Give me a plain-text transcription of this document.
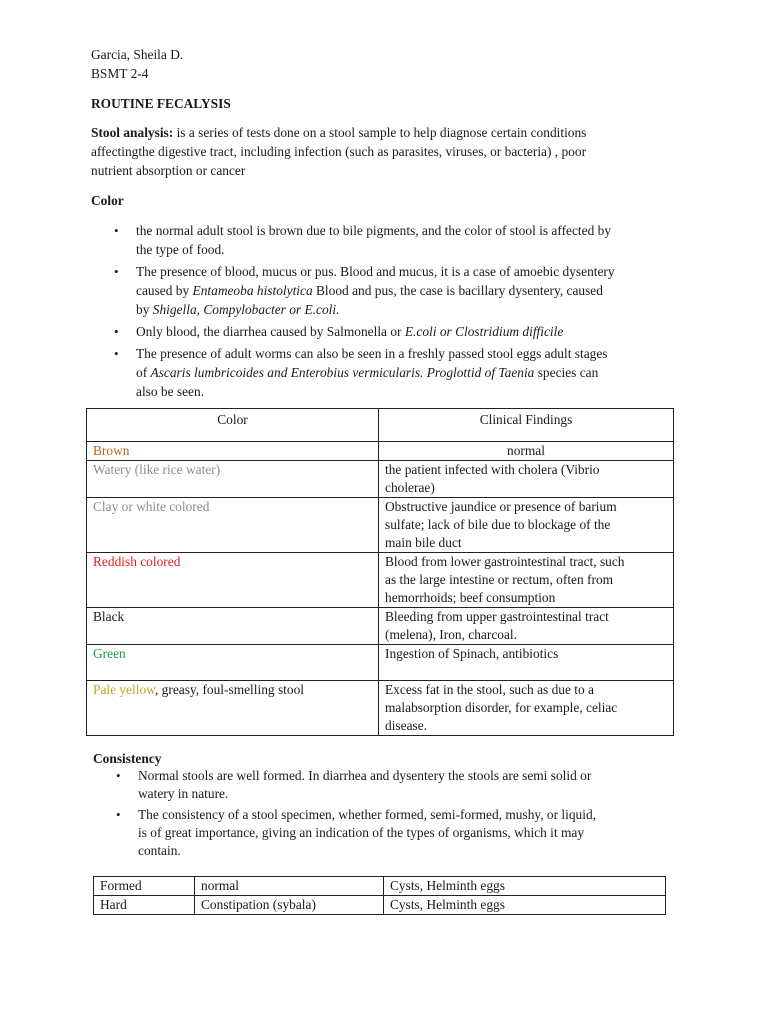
Garcia, Sheila D.

BSMT 2-4

ROUTINE FECALYSIS

Stool analysis: is a series of tests done on a stool sample to help diagnose certain conditions

affectingthe digestive tract, including infection (such as parasites, viruses, or bacteria) , poor

nutrient absorption or cancer

Color

• the normal adult stool is brown due to bile pigments, and the color of stool is affected by

the type of food.

• The presence of blood, mucus or pus. Blood and mucus, it is a case of amoebic dysentery

caused by Entameoba histolytica Blood and pus, the case is bacillary dysentery, caused

by Shigella, Compylobacter or E.coli.

• Only blood, the diarrhea caused by Salmonella or E.coli or Clostridium difficile

• The presence of adult worms can also be seen in a freshly passed stool eggs adult stages

of Ascaris lumbricoides and Enterobius vermicularis. Proglottid of Taenia species can

also be seen.

Color	Clinical Findings
Brown	normal
Watery (like rice water)	the patient infected with cholera (Vibrio
cholerae)

Clay or white colored	Obstructive jaundice or presence of barium
sulfate; lack of bile due to blockage of the
main bile duct

Reddish colored	Blood from lower gastrointestinal tract, such
as the large intestine or rectum, often from
hemorrhoids; beef consumption

Black	Bleeding from upper gastrointestinal tract
(melena), Iron, charcoal.

Green	Ingestion of Spinach, antibiotics
Pale yellow, greasy, foul-smelling stool	Excess fat in the stool, such as due to a
malabsorption disorder, for example, celiac
disease.

Consistency

• Normal stools are well formed. In diarrhea and dysentery the stools are semi solid or

watery in nature.

• The consistency of a stool specimen, whether formed, semi-formed, mushy, or liquid,

is of great importance, giving an indication of the types of organisms, which it may

contain.

Formed	normal	Cysts, Helminth eggs
Hard	Constipation (sybala)	Cysts, Helminth eggs
